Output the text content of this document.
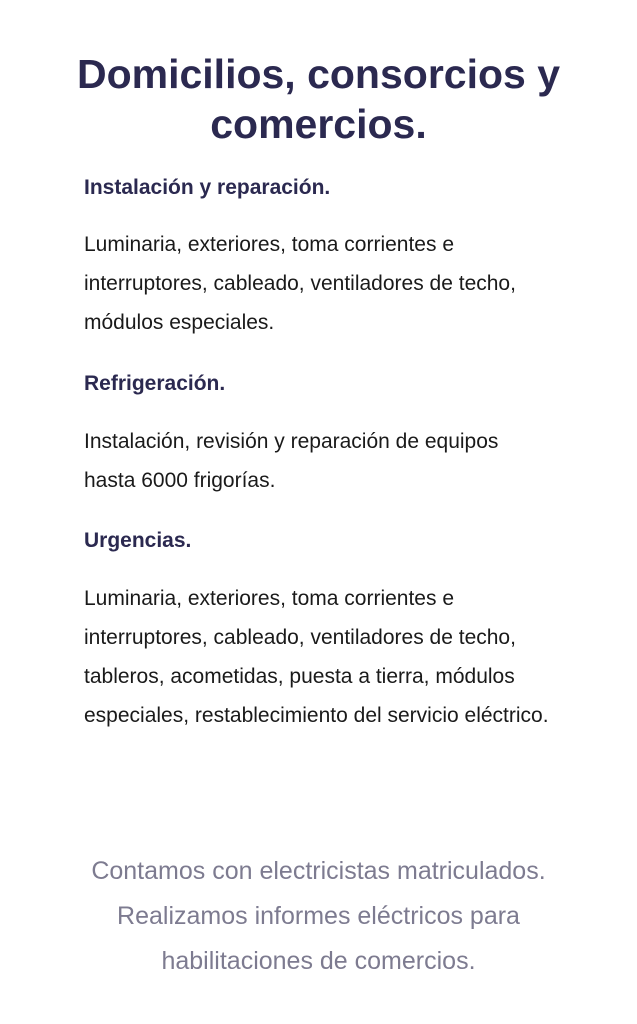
Domicilios, consorcios y comercios.
Instalación y reparación.

Luminaria, exteriores, toma corrientes e interruptores, cableado, ventiladores de techo, módulos especiales.

Refrigeración.

Instalación, revisión y reparación de equipos hasta 6000 frigorías.

Urgencias.

Luminaria, exteriores, toma corrientes e interruptores, cableado, ventiladores de techo, tableros, acometidas, puesta a tierra, módulos especiales, restablecimiento del servicio eléctrico.

Contamos con electricistas matriculados. Realizamos informes eléctricos para habilitaciones de comercios.
